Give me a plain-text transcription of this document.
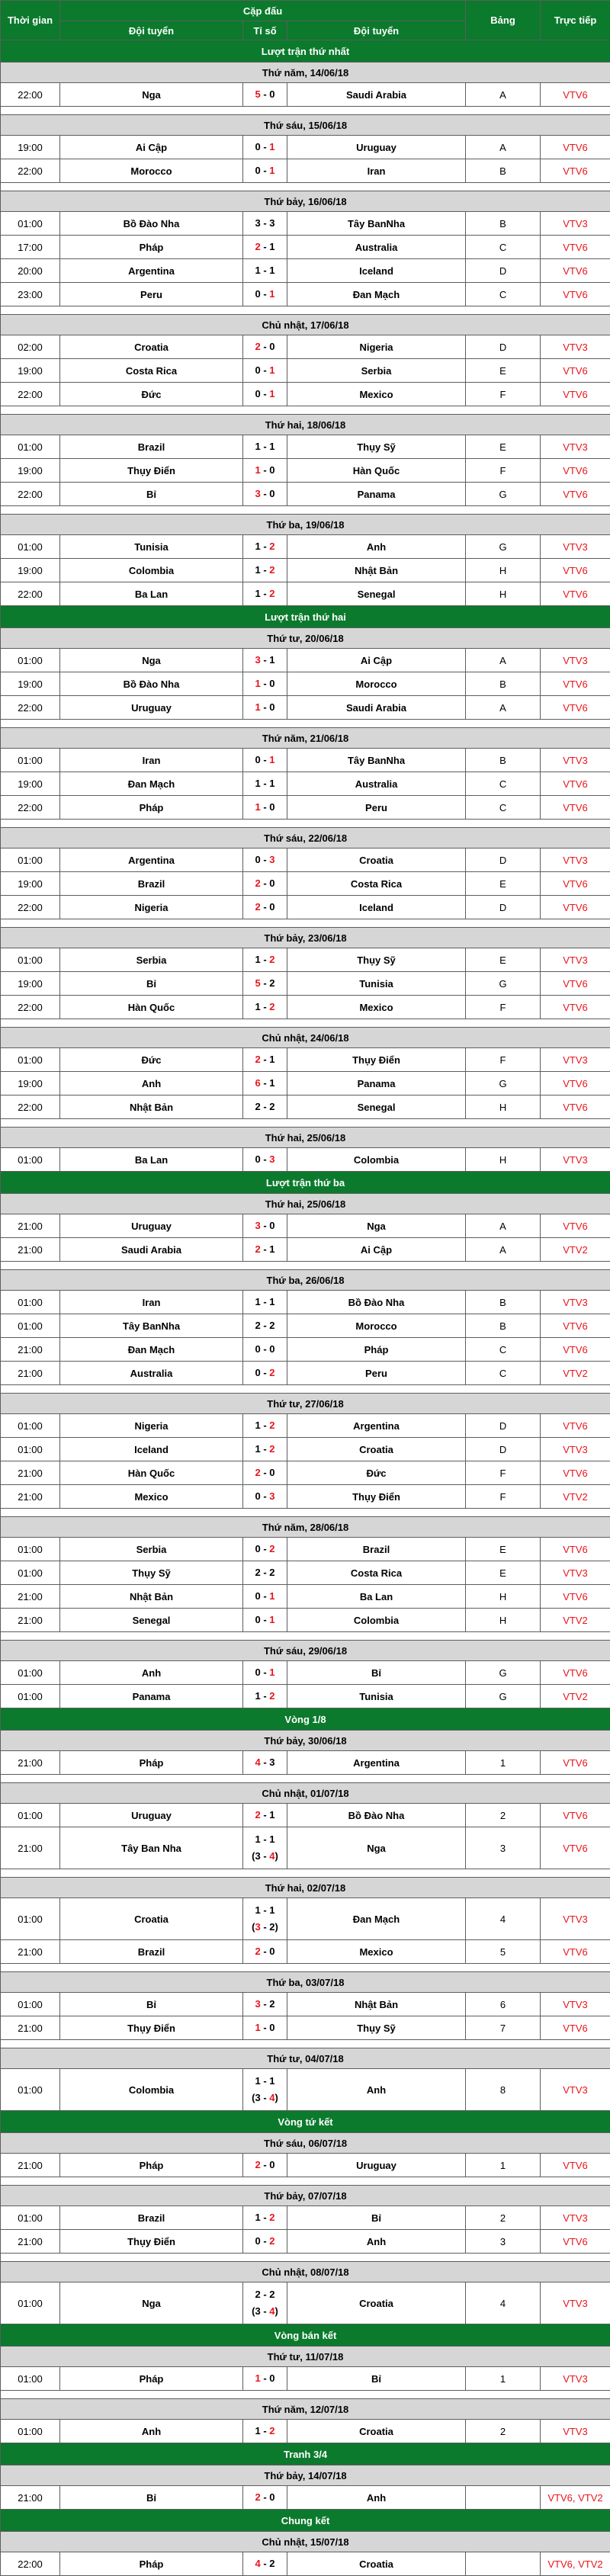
Thời gian	Cặp đấu			Bảng	Trực tiếp
	Đội tuyển	Tỉ số	Đội tuyển		
Lượt trận thứ nhất					
Thứ năm, 14/06/18					
22:00	Nga	5 - 0	Saudi Arabia	A	VTV6

Thứ sáu, 15/06/18					
19:00	Ai Cập	0 - 1	Uruguay	A	VTV6
22:00	Morocco	0 - 1	Iran	B	VTV6

Thứ bảy, 16/06/18					
01:00	Bồ Đào Nha	3 - 3	Tây BanNha	B	VTV3
17:00	Pháp	2 - 1	Australia	C	VTV6
20:00	Argentina	1 - 1	Iceland	D	VTV6
23:00	Peru	0 - 1	Đan Mạch	C	VTV6

Chủ nhật, 17/06/18					
02:00	Croatia	2 - 0	Nigeria	D	VTV3
19:00	Costa Rica	0 - 1	Serbia	E	VTV6
22:00	Đức	0 - 1	Mexico	F	VTV6

Thứ hai, 18/06/18					
01:00	Brazil	1 - 1	Thụy Sỹ	E	VTV3
19:00	Thụy Điển	1 - 0	Hàn Quốc	F	VTV6
22:00	Bỉ	3 - 0	Panama	G	VTV6

Thứ ba, 19/06/18					
01:00	Tunisia	1 - 2	Anh	G	VTV3
19:00	Colombia	1 - 2	Nhật Bản	H	VTV6
22:00	Ba Lan	1 - 2	Senegal	H	VTV6
Lượt trận thứ hai					
Thứ tư, 20/06/18					
01:00	Nga	3 - 1	Ai Cập	A	VTV3
19:00	Bồ Đào Nha	1 - 0	Morocco	B	VTV6
22:00	Uruguay	1 - 0	Saudi Arabia	A	VTV6

Thứ năm, 21/06/18					
01:00	Iran	0 - 1	Tây BanNha	B	VTV3
19:00	Đan Mạch	1 - 1	Australia	C	VTV6
22:00	Pháp	1 - 0	Peru	C	VTV6

Thứ sáu, 22/06/18					
01:00	Argentina	0 - 3	Croatia	D	VTV3
19:00	Brazil	2 - 0	Costa Rica	E	VTV6
22:00	Nigeria	2 - 0	Iceland	D	VTV6

Thứ bảy, 23/06/18					
01:00	Serbia	1 - 2	Thụy Sỹ	E	VTV3
19:00	Bỉ	5 - 2	Tunisia	G	VTV6
22:00	Hàn Quốc	1 - 2	Mexico	F	VTV6

Chủ nhật, 24/06/18					
01:00	Đức	2 - 1	Thụy Điển	F	VTV3
19:00	Anh	6 - 1	Panama	G	VTV6
22:00	Nhật Bản	2 - 2	Senegal	H	VTV6

Thứ hai, 25/06/18					
01:00	Ba Lan	0 - 3	Colombia	H	VTV3
Lượt trận thứ ba					
Thứ hai, 25/06/18					
21:00	Uruguay	3 - 0	Nga	A	VTV6
21:00	Saudi Arabia	2 - 1	Ai Cập	A	VTV2

Thứ ba, 26/06/18					
01:00	Iran	1 - 1	Bồ Đào Nha	B	VTV3
01:00	Tây BanNha	2 - 2	Morocco	B	VTV6
21:00	Đan Mạch	0 - 0	Pháp	C	VTV6
21:00	Australia	0 - 2	Peru	C	VTV2

Thứ tư, 27/06/18					
01:00	Nigeria	1 - 2	Argentina	D	VTV6
01:00	Iceland	1 - 2	Croatia	D	VTV3
21:00	Hàn Quốc	2 - 0	Đức	F	VTV6
21:00	Mexico	0 - 3	Thụy Điển	F	VTV2

Thứ năm, 28/06/18					
01:00	Serbia	0 - 2	Brazil	E	VTV6
01:00	Thụy Sỹ	2 - 2	Costa Rica	E	VTV3
21:00	Nhật Bản	0 - 1	Ba Lan	H	VTV6
21:00	Senegal	0 - 1	Colombia	H	VTV2

Thứ sáu, 29/06/18					
01:00	Anh	0 - 1	Bỉ	G	VTV6
01:00	Panama	1 - 2	Tunisia	G	VTV2
Vòng 1/8					
Thứ bảy, 30/06/18					
21:00	Pháp	4 - 3	Argentina	1	VTV6

Chủ nhật, 01/07/18					
01:00	Uruguay	2 - 1	Bồ Đào Nha	2	VTV6
21:00	Tây Ban Nha	1 - 1
(3 - 4)	Nga	3	VTV6

Thứ hai, 02/07/18					
01:00	Croatia	1 - 1
(3 - 2)	Đan Mạch	4	VTV3
21:00	Brazil	2 - 0	Mexico	5	VTV6

Thứ ba, 03/07/18					
01:00	Bỉ	3 - 2	Nhật Bản	6	VTV3
21:00	Thụy Điển	1 - 0	Thụy Sỹ	7	VTV6

Thứ tư, 04/07/18					
01:00	Colombia	1 - 1
(3 - 4)	Anh	8	VTV3
Vòng tứ kết					
Thứ sáu, 06/07/18					
21:00	Pháp	2 - 0	Uruguay	1	VTV6

Thứ bảy, 07/07/18					
01:00	Brazil	1 - 2	Bỉ	2	VTV3
21:00	Thụy Điển	0 - 2	Anh	3	VTV6

Chủ nhật, 08/07/18					
01:00	Nga	2 - 2
(3 - 4)	Croatia	4	VTV3
Vòng bán kết					
Thứ tư, 11/07/18					
01:00	Pháp	1 - 0	Bỉ	1	VTV3

Thứ năm, 12/07/18					
01:00	Anh	1 - 2	Croatia	2	VTV3
Tranh 3/4					
Thứ bảy, 14/07/18					
21:00	Bỉ	2 - 0	Anh		VTV6, VTV2
Chung kết					
Chủ nhật, 15/07/18					
22:00	Pháp	4 - 2	Croatia		VTV6, VTV2
